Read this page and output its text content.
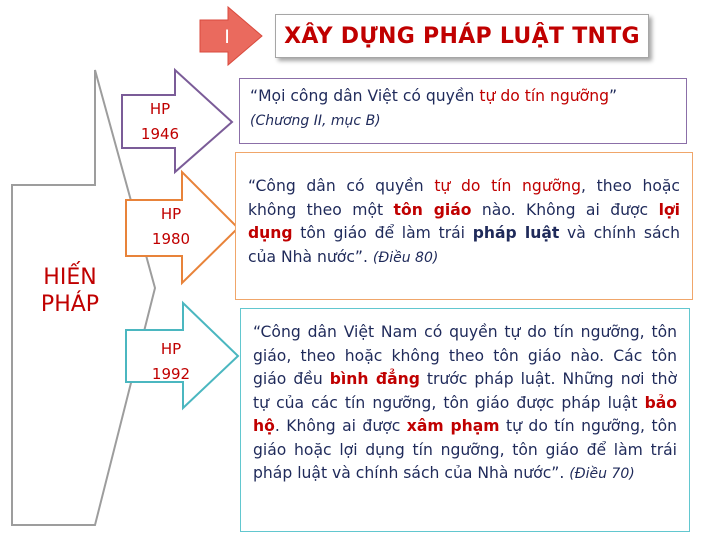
I	XÂY DỰNG PHÁP LUẬT TNTG
HP
1946
HP
1980
HP
1992
HIẾN PHÁP
“Mọi công dân Việt có quyền tự do tín ngưỡng”
(Chương II, mục B)
“Công dân có quyền tự do tín ngưỡng, theo hoặc không theo một tôn giáo nào. Không ai được lợi dụng tôn giáo để làm trái pháp luật và chính sách của Nhà nước”. (Điều 80)
“Công dân Việt Nam có quyền tự do tín ngưỡng, tôn giáo, theo hoặc không theo tôn giáo nào. Các tôn giáo đều bình đẳng trước pháp luật. Những nơi thờ tự của các tín ngưỡng, tôn giáo được pháp luật bảo hộ. Không ai được xâm phạm tự do tín ngưỡng, tôn giáo hoặc lợi dụng tín ngưỡng, tôn giáo để làm trái pháp luật và chính sách của Nhà nước”. (Điều 70)
